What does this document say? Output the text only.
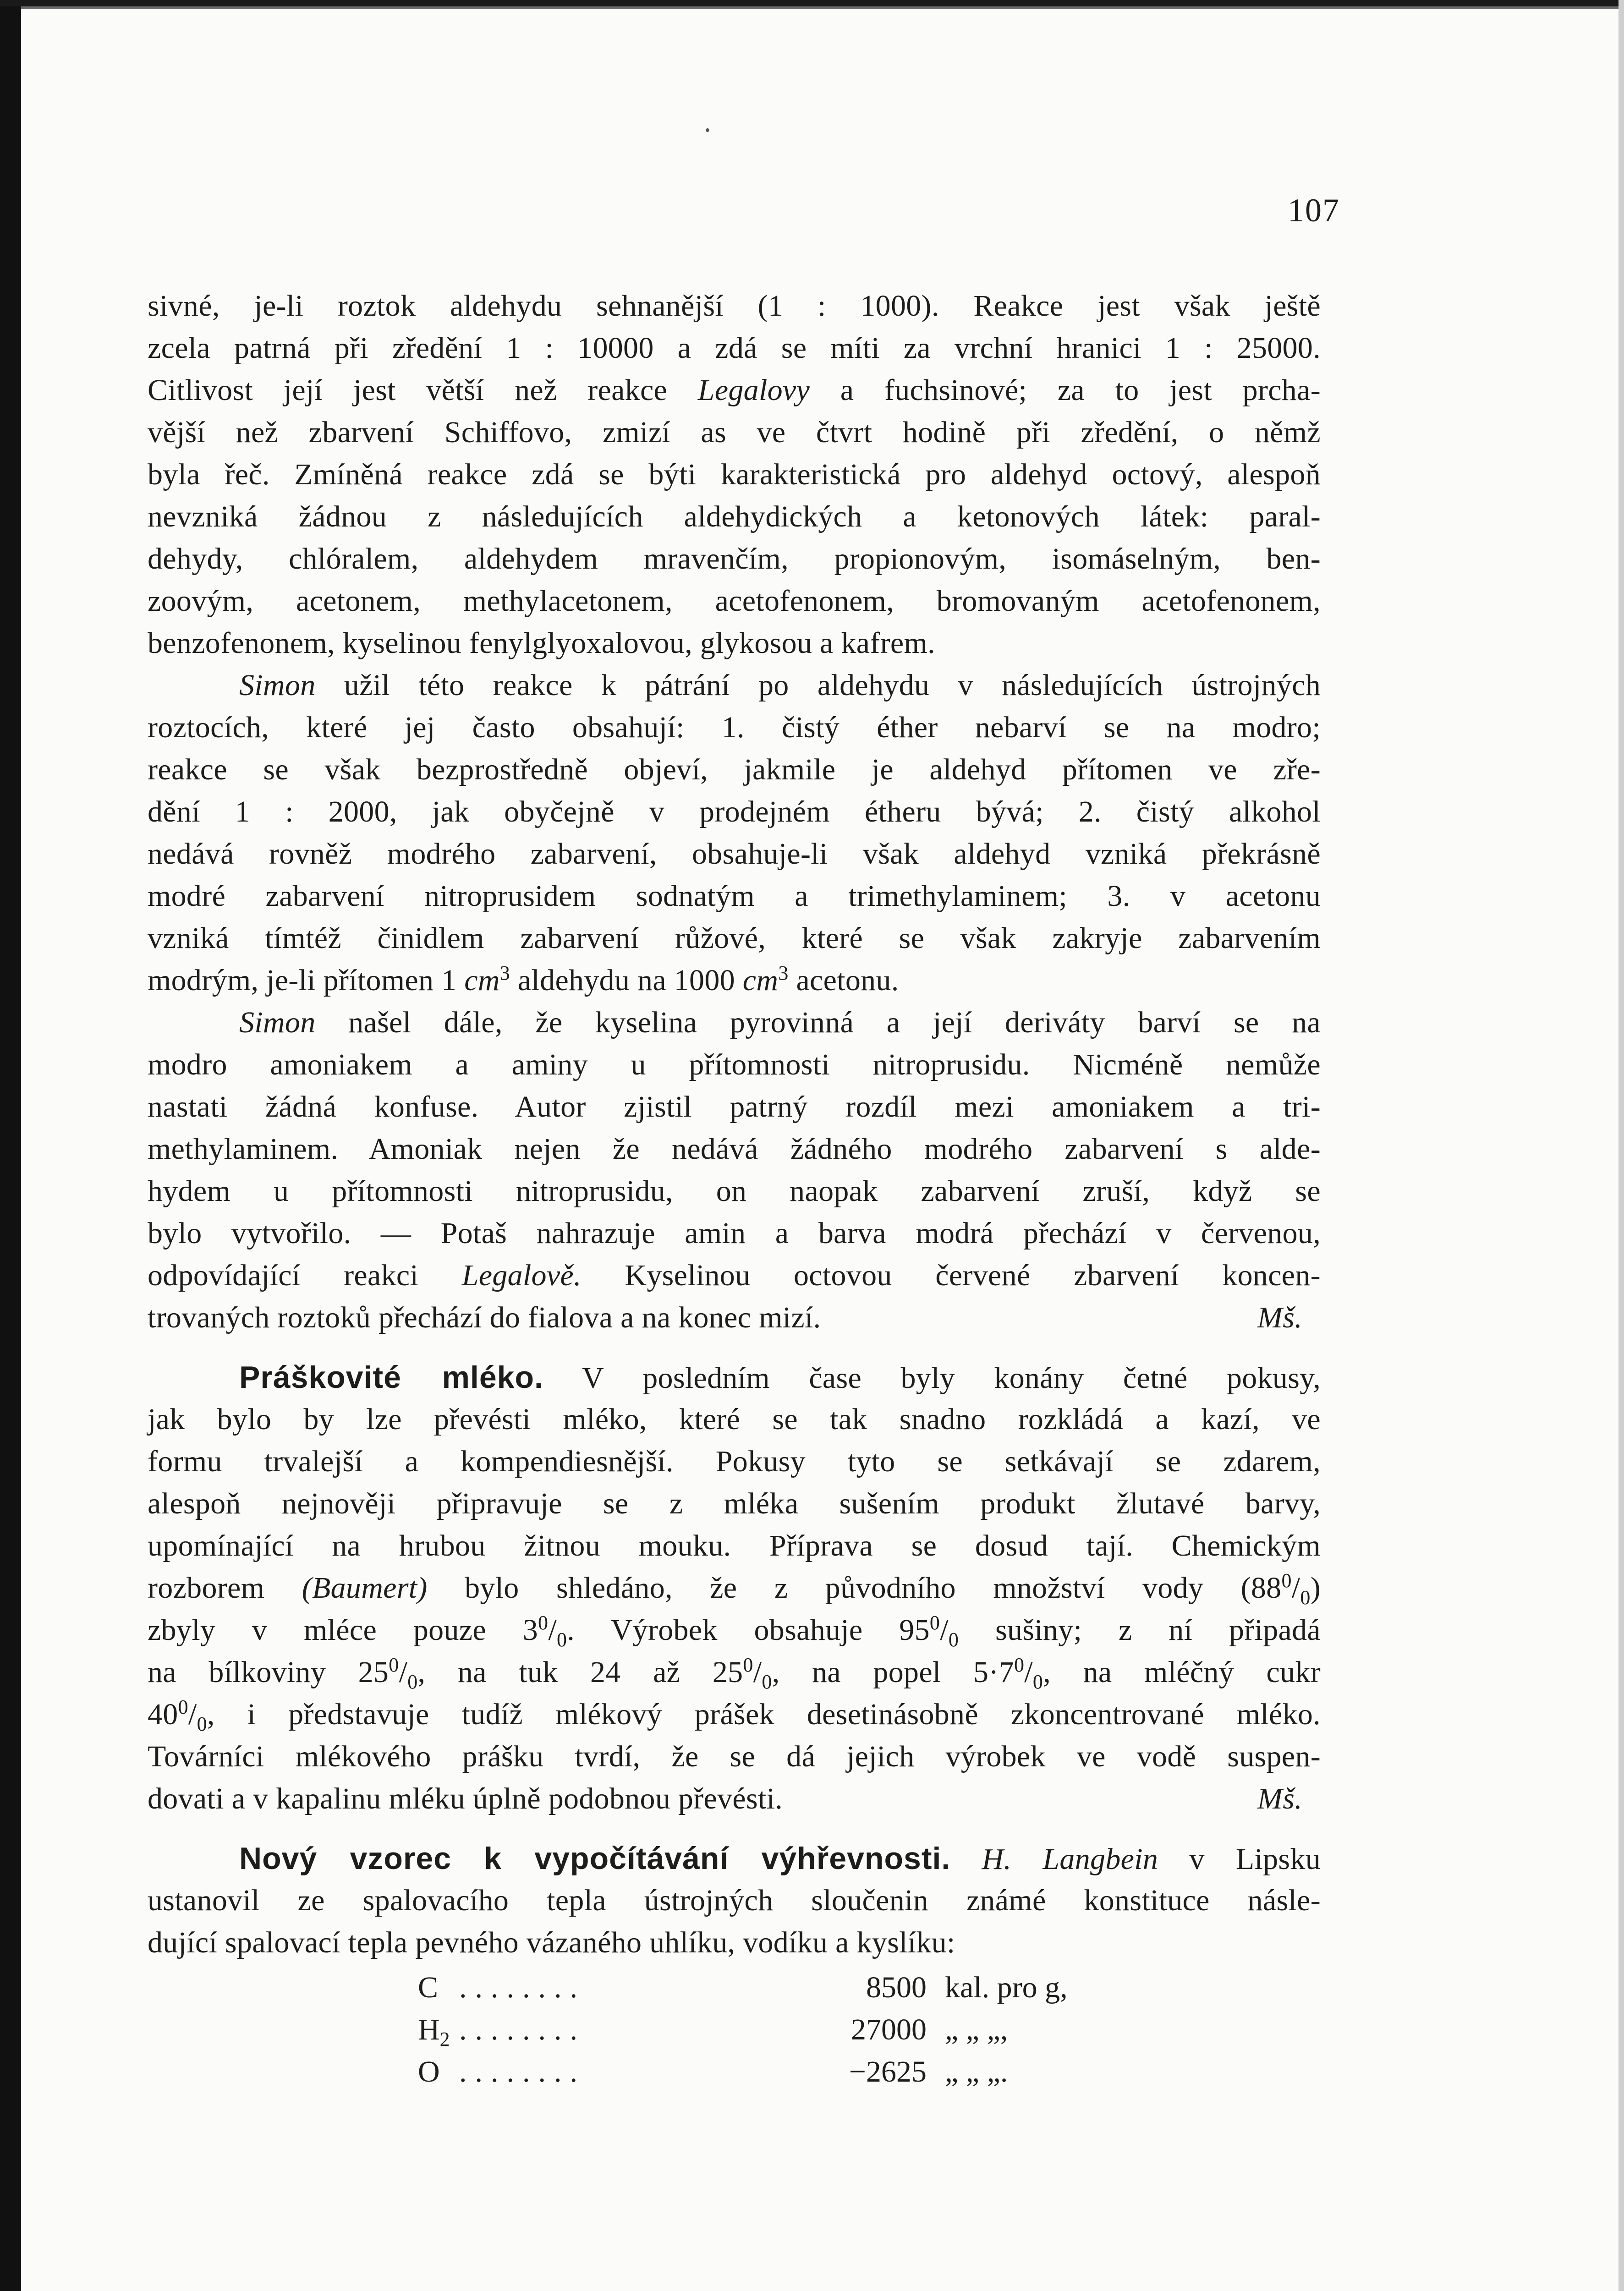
107
sivné, je-li roztok aldehydu sehnanější (1 : 1000). Reakce jest však ještě
zcela patrná při zředění 1 : 10000 a zdá se míti za vrchní hranici 1 : 25000.
Citlivost její jest větší než reakce Legalovy a fuchsinové; za to jest prcha-
vější než zbarvení Schiffovo, zmizí as ve čtvrt hodině při zředění, o němž
byla řeč. Zmíněná reakce zdá se býti karakteristická pro aldehyd octový, alespoň
nevzniká žádnou z následujících aldehydických a ketonových látek: paral-
dehydy, chlóralem, aldehydem mravenčím, propionovým, isomáselným, ben-
zoovým, acetonem, methylacetonem, acetofenonem, bromovaným acetofenonem,
benzofenonem, kyselinou fenylglyoxalovou, glykosou a kafrem.
Simon užil této reakce k pátrání po aldehydu v následujících ústrojných
roztocích, které jej často obsahují: 1. čistý éther nebarví se na modro;
reakce se však bezprostředně objeví, jakmile je aldehyd přítomen ve zře-
dění 1 : 2000, jak obyčejně v prodejném étheru bývá; 2. čistý alkohol
nedává rovněž modrého zabarvení, obsahuje-li však aldehyd vzniká překrásně
modré zabarvení nitroprusidem sodnatým a trimethylaminem; 3. v acetonu
vzniká tímtéž činidlem zabarvení růžové, které se však zakryje zabarvením
modrým, je-li přítomen 1 $cm^3$ aldehydu na 1000 $cm^3$ acetonu.
Simon našel dále, že kyselina pyrovinná a její deriváty barví se na
modro amoniakem a aminy u přítomnosti nitroprusidu. Nicméně nemůže
nastati žádná konfuse. Autor zjistil patrný rozdíl mezi amoniakem a tri-
methylaminem. Amoniak nejen že nedává žádného modrého zabarvení s alde-
hydem u přítomnosti nitroprusidu, on naopak zabarvení zruší, když se
bylo vytvořilo. — Potaš nahrazuje amin a barva modrá přechází v červenou,
odpovídající reakci Legalově. Kyselinou octovou červené zbarvení koncen-
trovaných roztoků přechází do fialova a na konec mizí.	Mš.
Práškovité mléko. V posledním čase byly konány četné pokusy,
jak bylo by lze převésti mléko, které se tak snadno rozkládá a kazí, ve
formu trvalejší a kompendiesnější. Pokusy tyto se setkávají se zdarem,
alespoň nejnověji připravuje se z mléka sušením produkt žlutavé barvy,
upomínající na hrubou žitnou mouku. Příprava se dosud tají. Chemickým
rozborem (Baumert) bylo shledáno, že z původního množství vody $(88^0/_0)$
zbyly v mléce pouze $3^0/_0$. Výrobek obsahuje $95^0/_0$ sušiny; z ní připadá
na bílkoviny $25^0/_0$, na tuk 24 až $25^0/_0$, na popel $5\cdot 7^0/_0$, na mléčný cukr
$40^0/_0$, i představuje tudíž mlékový prášek desetinásobně zkoncentrované mléko.
Továrníci mlékového prášku tvrdí, že se dá jejich výrobek ve vodě suspen-
dovati a v kapalinu mléku úplně podobnou převésti.	Mš.
Nový vzorec k vypočítávání výhřevnosti. H. Langbein v Lipsku
ustanovil ze spalovacího tepla ústrojných sloučenin známé konstituce násle-
dující spalovací tepla pevného vázaného uhlíku, vodíku a kyslíku:
C ........	8500 kal. pro g,
$H_2$ ........	27000 „ „ „,
O ........	−2625 „ „ „.
